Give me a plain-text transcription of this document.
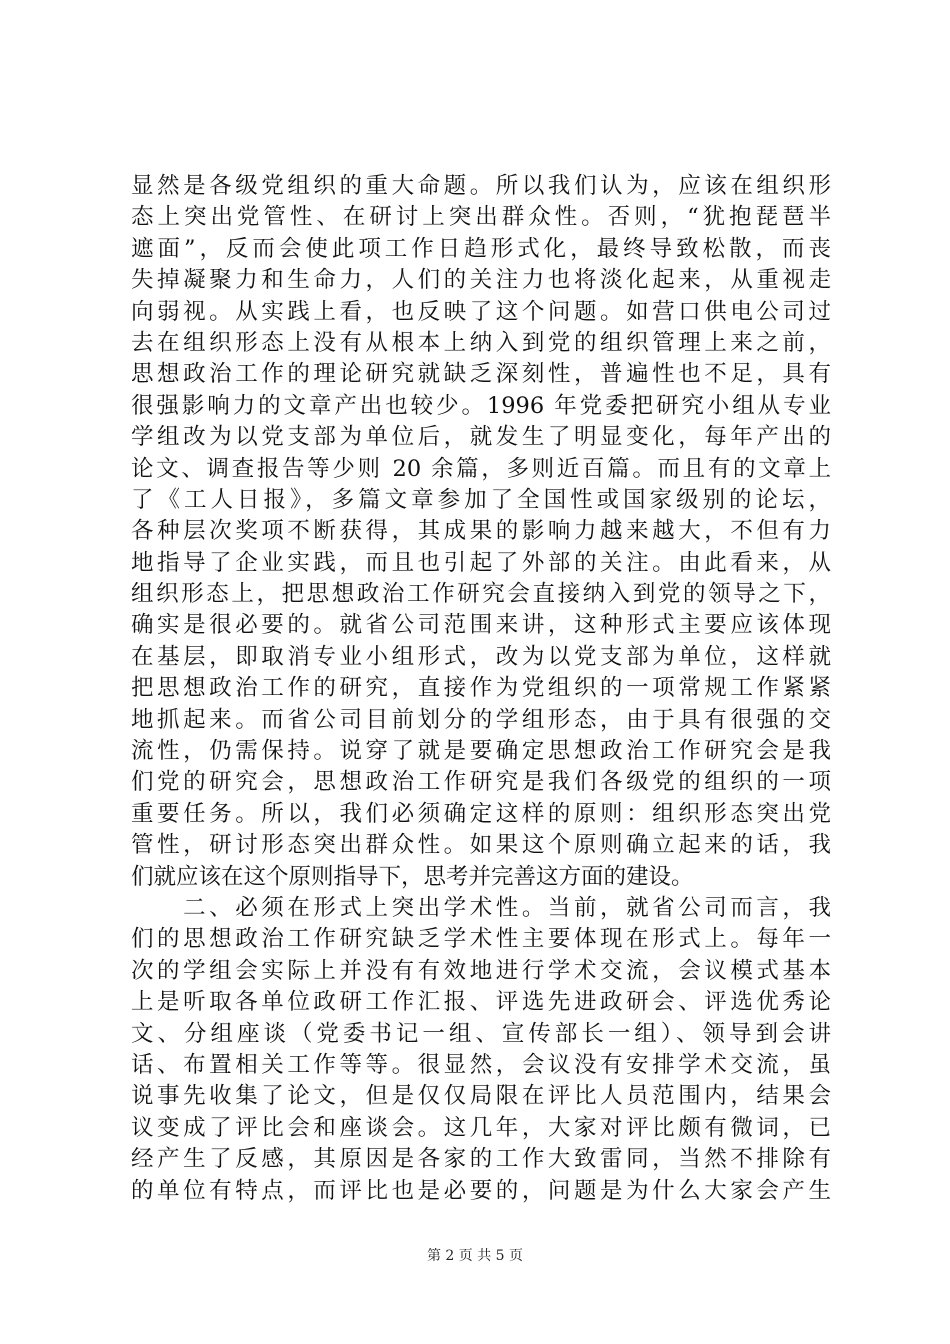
显然是各级党组织的重大命题。所以我们认为，应该在组织形
态上突出党管性、在研讨上突出群众性。否则，“犹抱琵琶半
遮面”，反而会使此项工作日趋形式化，最终导致松散，而丧
失掉凝聚力和生命力，人们的关注力也将淡化起来，从重视走
向弱视。从实践上看，也反映了这个问题。如营口供电公司过
去在组织形态上没有从根本上纳入到党的组织管理上来之前，
思想政治工作的理论研究就缺乏深刻性，普遍性也不足，具有
很强影响力的文章产出也较少。1996 年党委把研究小组从专业
学组改为以党支部为单位后，就发生了明显变化，每年产出的
论文、调查报告等少则 20 余篇，多则近百篇。而且有的文章上
了《工人日报》，多篇文章参加了全国性或国家级别的论坛，
各种层次奖项不断获得，其成果的影响力越来越大，不但有力
地指导了企业实践，而且也引起了外部的关注。由此看来，从
组织形态上，把思想政治工作研究会直接纳入到党的领导之下，
确实是很必要的。就省公司范围来讲，这种形式主要应该体现
在基层，即取消专业小组形式，改为以党支部为单位，这样就
把思想政治工作的研究，直接作为党组织的一项常规工作紧紧
地抓起来。而省公司目前划分的学组形态，由于具有很强的交
流性，仍需保持。说穿了就是要确定思想政治工作研究会是我
们党的研究会，思想政治工作研究是我们各级党的组织的一项
重要任务。所以，我们必须确定这样的原则：组织形态突出党
管性，研讨形态突出群众性。如果这个原则确立起来的话，我
们就应该在这个原则指导下，思考并完善这方面的建设。
　　二、必须在形式上突出学术性。当前，就省公司而言，我
们的思想政治工作研究缺乏学术性主要体现在形式上。每年一
次的学组会实际上并没有有效地进行学术交流，会议模式基本
上是听取各单位政研工作汇报、评选先进政研会、评选优秀论
文、分组座谈（党委书记一组、宣传部长一组）、领导到会讲
话、布置相关工作等等。很显然，会议没有安排学术交流，虽
说事先收集了论文，但是仅仅局限在评比人员范围内，结果会
议变成了评比会和座谈会。这几年，大家对评比颇有微词，已
经产生了反感，其原因是各家的工作大致雷同，当然不排除有
的单位有特点，而评比也是必要的，问题是为什么大家会产生
第 2 页 共 5 页
